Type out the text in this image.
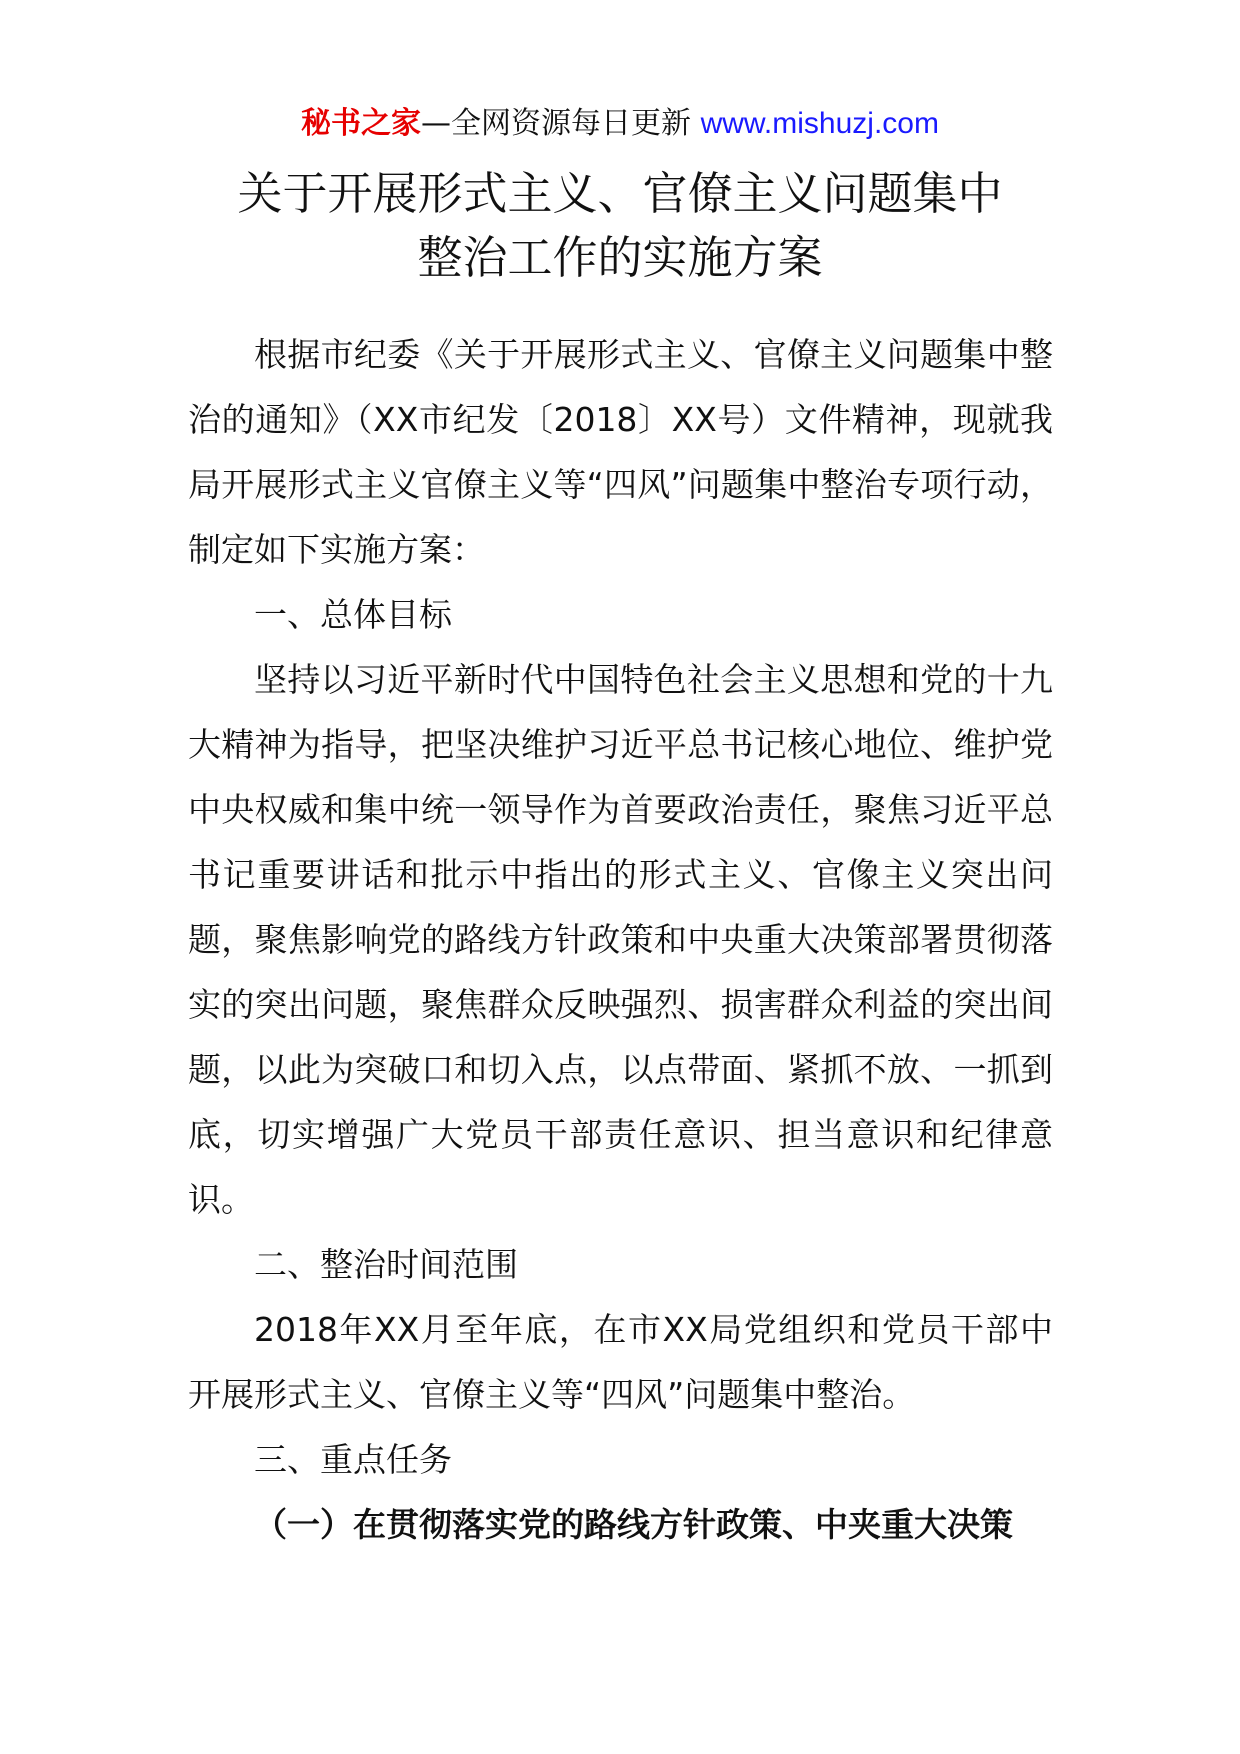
秘书之家—全网资源每日更新 www.mishuzj.com
关于开展形式主义、官僚主义问题集中
整治工作的实施方案

根据市纪委《关于开展形式主义、官僚主义问题集中整治的通知》（XX市纪发〔2018〕XX号）文件精神，现就我局开展形式主义官僚主义等“四风”问题集中整治专项行动，制定如下实施方案：

一、总体目标

坚持以习近平新时代中国特色社会主义思想和党的十九大精神为指导，把坚决维护习近平总书记核心地位、维护党中央权威和集中统一领导作为首要政治责任，聚焦习近平总书记重要讲话和批示中指出的形式主义、官像主义突出问题，聚焦影响党的路线方针政策和中央重大决策部署贯彻落实的突出问题，聚焦群众反映强烈、损害群众利益的突出间题，以此为突破口和切入点，以点带面、紧抓不放、一抓到底，切实增强广大党员干部责任意识、担当意识和纪律意识。

二、整治时间范围

2018年XX月至年底，在市XX局党组织和党员干部中开展形式主义、官僚主义等“四风”问题集中整治。

三、重点任务

（一）在贯彻落实党的路线方针政策、中夹重大决策
